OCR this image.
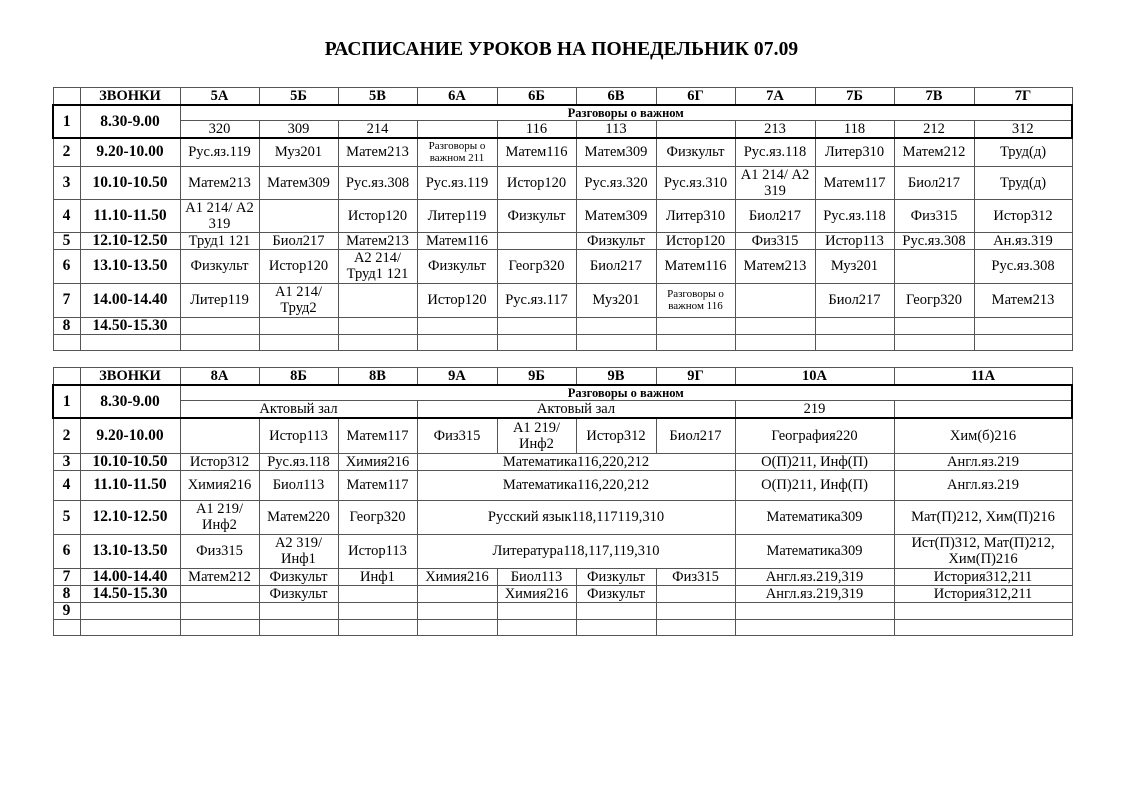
РАСПИСАНИЕ УРОКОВ НА ПОНЕДЕЛЬНИК 07.09
	ЗВОНКИ	5А	5Б	5В	6А	6Б	6В	6Г	7А	7Б	7В	7Г
1	8.30-9.00	Разговоры о важном										
		320	309	214		116	113		213	118	212	312
2	9.20-10.00	Рус.яз.119	Муз201	Матем213	Разговоры о важном 211	Матем116	Матем309	Физкульт	Рус.яз.118	Литер310	Матем212	Труд(д)
3	10.10-10.50	Матем213	Матем309	Рус.яз.308	Рус.яз.119	Истор120	Рус.яз.320	Рус.яз.310	А1 214/ А2 319	Матем117	Биол217	Труд(д)
4	11.10-11.50	А1 214/ А2 319		Истор120	Литер119	Физкульт	Матем309	Литер310	Биол217	Рус.яз.118	Физ315	Истор312
5	12.10-12.50	Труд1 121	Биол217	Матем213	Матем116		Физкульт	Истор120	Физ315	Истор113	Рус.яз.308	Ан.яз.319
6	13.10-13.50	Физкульт	Истор120	А2 214/ Труд1 121	Физкульт	Геогр320	Биол217	Матем116	Матем213	Муз201		Рус.яз.308
7	14.00-14.40	Литер119	А1 214/ Труд2		Истор120	Рус.яз.117	Муз201	Разговоры о важном 116		Биол217	Геогр320	Матем213
8	14.50-15.30											

	ЗВОНКИ	8А	8Б	8В	9А	9Б	9В	9Г	10А	11А
1	8.30-9.00	Разговоры о важном								
		Актовый зал			Актовый зал				219	
2	9.20-10.00		Истор113	Матем117	Физ315	А1 219/ Инф2	Истор312	Биол217	География220	Хим(б)216
3	10.10-10.50	Истор312	Рус.яз.118	Химия216	Математика116,220,212				О(П)211, Инф(П)	Англ.яз.219
4	11.10-11.50	Химия216	Биол113	Матем117	Математика116,220,212				О(П)211, Инф(П)	Англ.яз.219
5	12.10-12.50	А1 219/ Инф2	Матем220	Геогр320	Русский язык118,117119,310				Математика309	Мат(П)212, Хим(П)216
6	13.10-13.50	Физ315	А2 319/ Инф1	Истор113	Литература118,117,119,310				Математика309	Ист(П)312, Мат(П)212, Хим(П)216
7	14.00-14.40	Матем212	Физкульт	Инф1	Химия216	Биол113	Физкульт	Физ315	Англ.яз.219,319	История312,211
8	14.50-15.30		Физкульт			Химия216	Физкульт		Англ.яз.219,319	История312,211
9										
